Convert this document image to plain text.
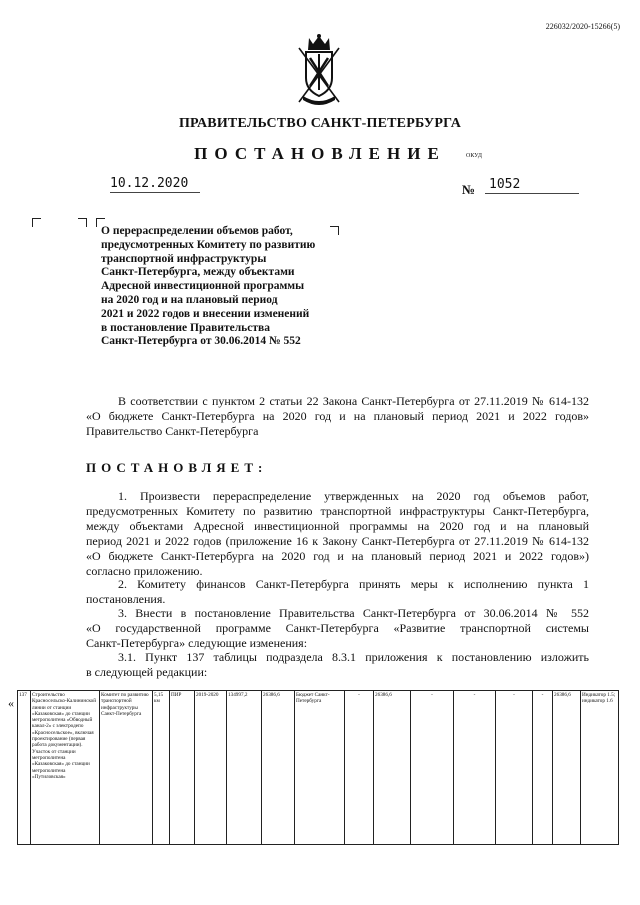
226032/2020-15266(5)
ПРАВИТЕЛЬСТВО САНКТ-ПЕТЕРБУРГА
ПОСТАНОВЛЕНИЕ	ОКУД
10.12.2020	№	1052
О перераспределении объемов работ,
предусмотренных Комитету по развитию
транспортной инфраструктуры
Санкт-Петербурга, между объектами
Адресной инвестиционной программы
на 2020 год и на плановый период
2021 и 2022 годов и внесении изменений
в постановление Правительства
Санкт-Петербурга от 30.06.2014 № 552
В соответствии с пунктом 2 статьи 22 Закона Санкт-Петербурга от 27.11.2019 № 614-132
«О бюджете Санкт-Петербурга на 2020 год и на плановый период 2021 и 2022 годов»
Правительство Санкт-Петербурга
ПОСТАНОВЛЯЕТ:
1. Произвести перераспределение утвержденных на 2020 год объемов работ,
предусмотренных Комитету по развитию транспортной инфраструктуры Санкт-Петербурга,
между объектами Адресной инвестиционной программы на 2020 год и на плановый
период 2021 и 2022 годов (приложение 16 к Закону Санкт-Петербурга от 27.11.2019 № 614-132
«О бюджете Санкт-Петербурга на 2020 год и на плановый период 2021 и 2022 годов»)
согласно приложению.
2. Комитету финансов Санкт-Петербурга принять меры к исполнению пункта 1
постановления.
3. Внести в постановление Правительства Санкт-Петербурга от 30.06.2014 № 552
«О государственной программе Санкт-Петербурга «Развитие транспортной системы
Санкт-Петербурга» следующие изменения:
3.1. Пункт 137 таблицы подраздела 8.3.1 приложения к постановлению изложить
в следующей редакции:
«
137	Строительство Красносельско-Калининской линии от станции «Казаковская» до станции метрополитена «Обводный канал-2» с электродепо «Красносельское», включая проектирование (первая работа документации). Участок от станции метрополитена «Казаковская» до станции метрополитена «Путиловская»	Комитет по развитию транспортной инфраструктуры Санкт-Петербурга	5,15 км	ПИР	2019-2020	134997,2	26386,6	Бюджет Санкт-Петербурга	-	26386,6	-	-	-	-	26386,6	Индикатор 1.5; индикатор 1.6
